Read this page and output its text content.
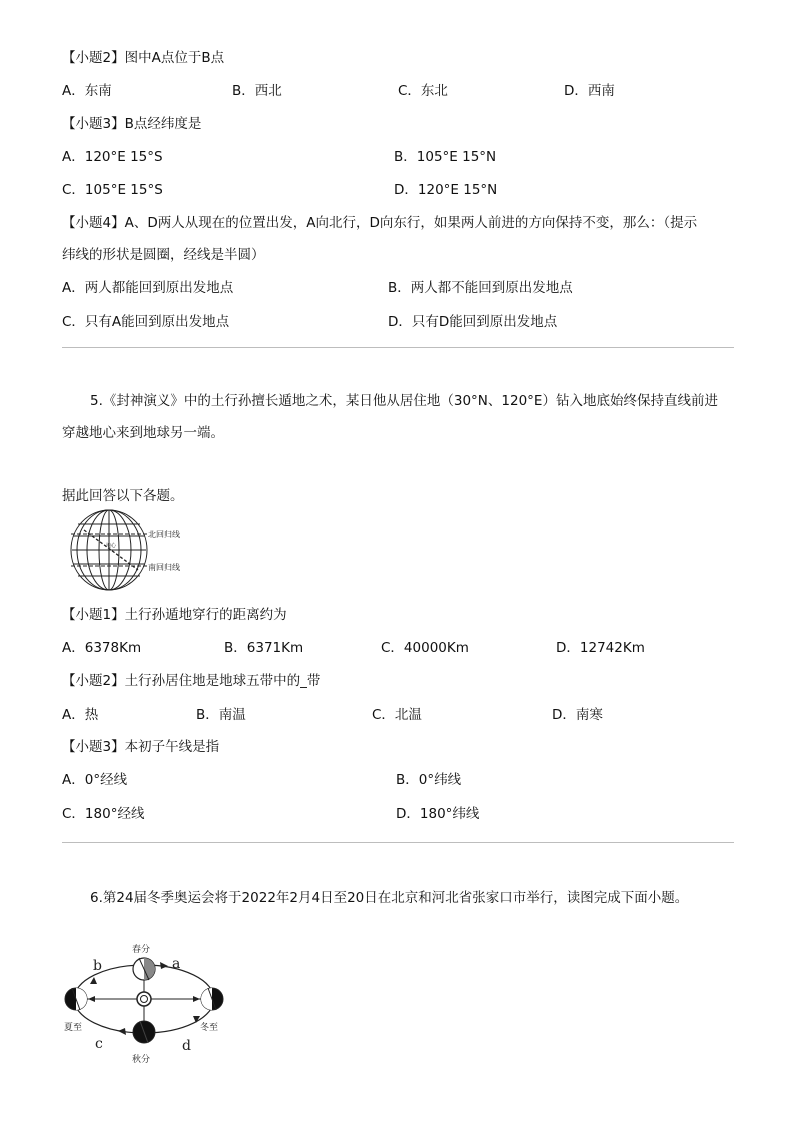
【小题2】图中A点位于B点
A．东南	B．西北	C．东北	D．西南
【小题3】B点经纬度是
A．120°E 15°S	B．105°E 15°N
C．105°E 15°S	D．120°E 15°N
【小题4】A、D两人从现在的位置出发，A向北行，D向东行，如果两人前进的方向保持不变，那么：（提示
纬线的形状是圆圈，经线是半圆）
A．两人都能回到原出发地点	B．两人都不能回到原出发地点
C．只有A能回到原出发地点	D．只有D能回到原出发地点
5.《封神演义》中的土行孙擅长遁地之术，某日他从居住地（30°N、120°E）钻入地底始终保持直线前进
穿越地心来到地球另一端。
据此回答以下各题。
地心
北回归线
南回归线
【小题1】土行孙遁地穿行的距离约为
A．6378Km	B．6371Km	C．40000Km	D．12742Km
【小题2】土行孙居住地是地球五带中的_带
A．热	B．南温	C．北温	D．南寒
【小题3】本初子午线是指
A．0°经线	B．0°纬线
C．180°经线	D．180°纬线
6.第24届冬季奥运会将于2022年2月4日至20日在北京和河北省张家口市举行，读图完成下面小题。
春分
夏至	冬至
秋分
a
b
c	d
